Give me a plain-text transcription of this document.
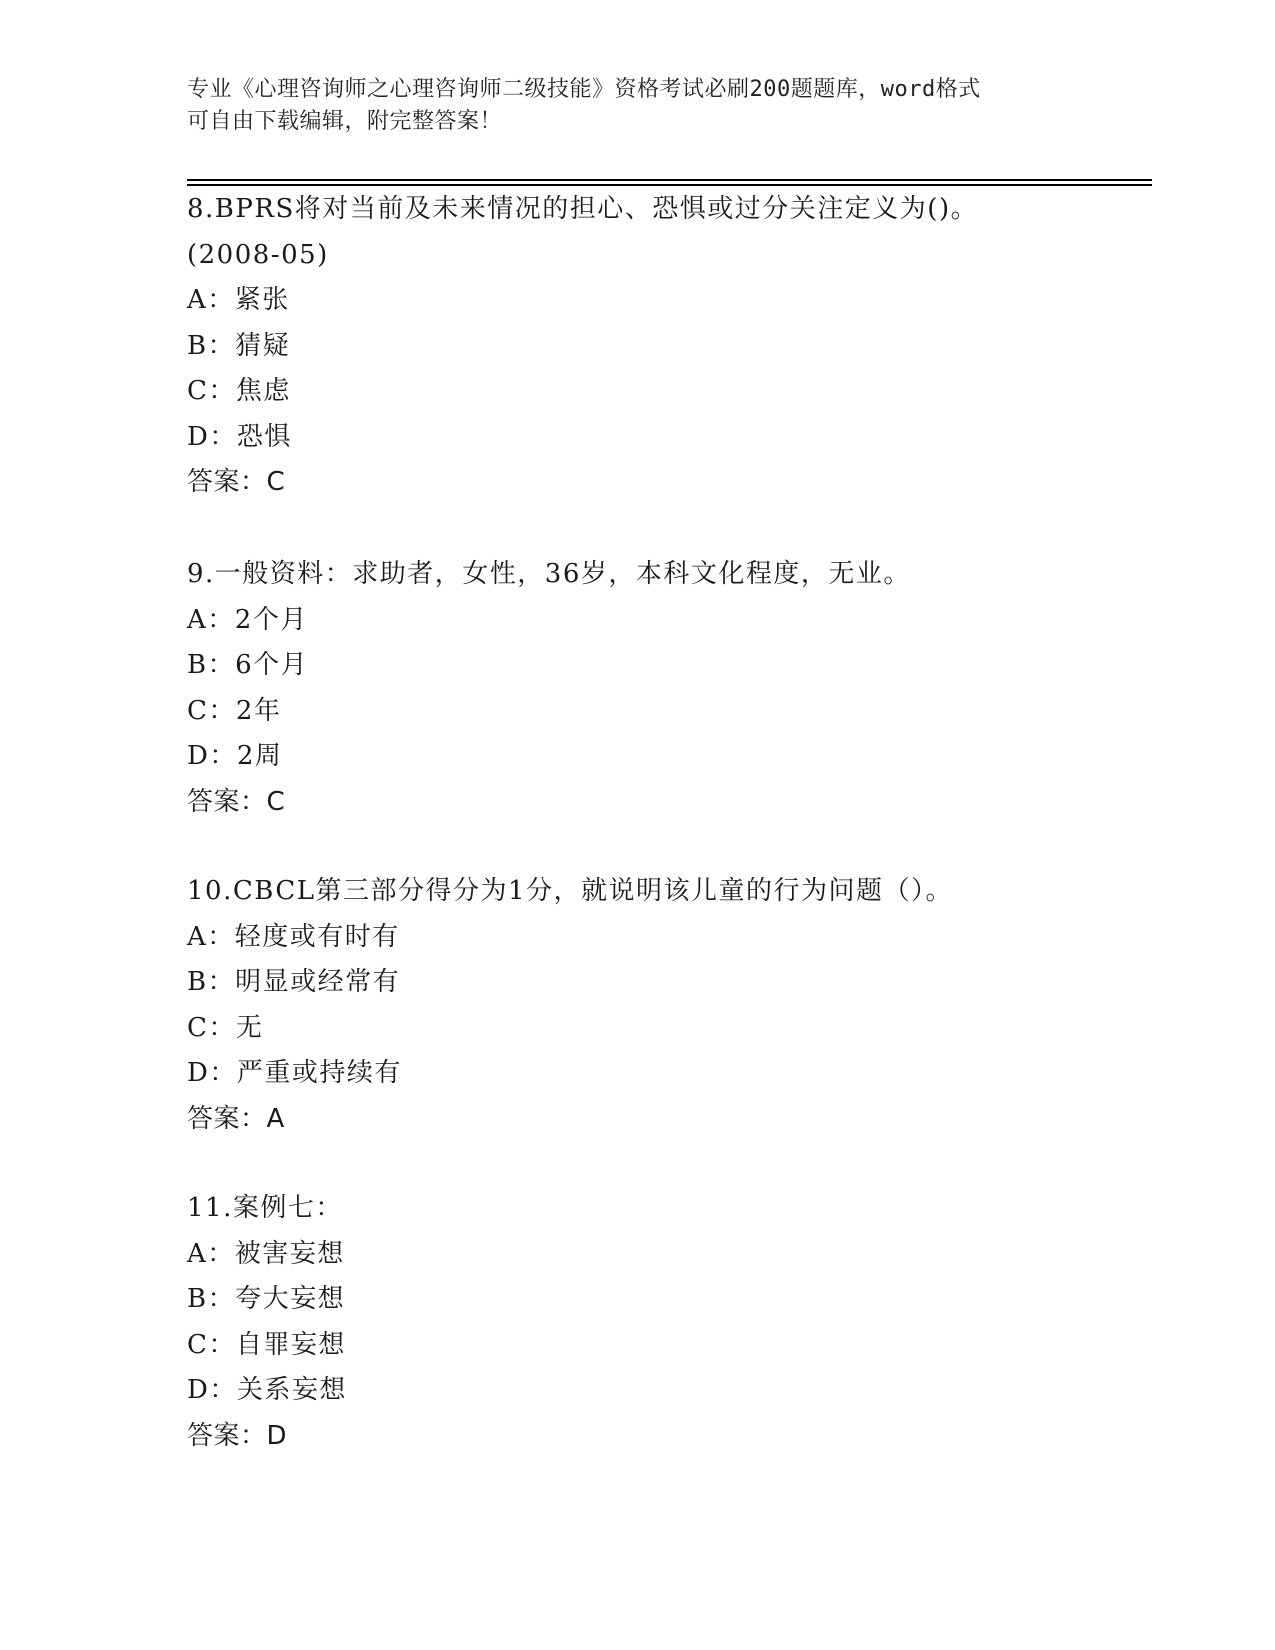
专业《心理咨询师之心理咨询师二级技能》资格考试必刷200题题库，word格式
可自由下载编辑，附完整答案！
8.BPRS将对当前及未来情况的担心、恐惧或过分关注定义为()。
(2008-05)
A：紧张
B：猜疑
C：焦虑
D：恐惧
答案：C
9.一般资料：求助者，女性，36岁，本科文化程度，无业。
A：2个月
B：6个月
C：2年
D：2周
答案：C
10.CBCL第三部分得分为1分，就说明该儿童的行为问题（）。
A：轻度或有时有
B：明显或经常有
C：无
D：严重或持续有
答案：A
11.案例七：
A：被害妄想
B：夸大妄想
C：自罪妄想
D：关系妄想
答案：D
